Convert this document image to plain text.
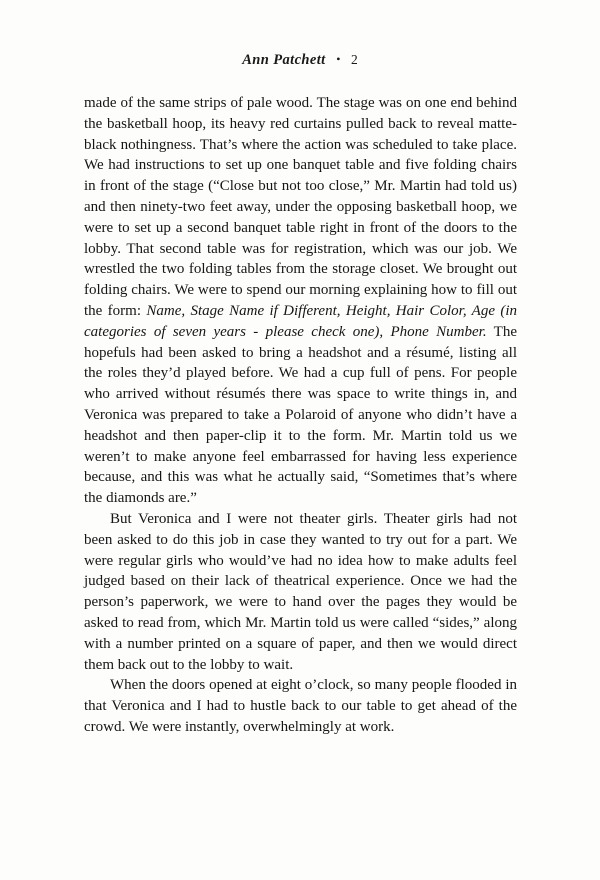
Ann Patchett • 2

made of the same strips of pale wood. The stage was on one end behind the basketball hoop, its heavy red curtains pulled back to reveal matte-black nothingness. That’s where the action was scheduled to take place. We had instructions to set up one banquet table and five folding chairs in front of the stage (“Close but not too close,” Mr. Martin had told us) and then ninety-two feet away, under the opposing basketball hoop, we were to set up a second banquet table right in front of the doors to the lobby. That second table was for registration, which was our job. We wrestled the two folding tables from the storage closet. We brought out folding chairs. We were to spend our morning explaining how to fill out the form: Name, Stage Name if Different, Height, Hair Color, Age (in categories of seven years - please check one), Phone Number. The hopefuls had been asked to bring a headshot and a résumé, listing all the roles they’d played before. We had a cup full of pens. For people who arrived without résumés there was space to write things in, and Veronica was prepared to take a Polaroid of anyone who didn’t have a headshot and then paper-clip it to the form. Mr. Martin told us we weren’t to make anyone feel embarrassed for having less experience because, and this was what he actually said, “Sometimes that’s where the diamonds are.”

But Veronica and I were not theater girls. Theater girls had not been asked to do this job in case they wanted to try out for a part. We were regular girls who would’ve had no idea how to make adults feel judged based on their lack of theatrical experience. Once we had the person’s paperwork, we were to hand over the pages they would be asked to read from, which Mr. Martin told us were called “sides,” along with a number printed on a square of paper, and then we would direct them back out to the lobby to wait.

When the doors opened at eight o’clock, so many people flooded in that Veronica and I had to hustle back to our table to get ahead of the crowd. We were instantly, overwhelmingly at work.
